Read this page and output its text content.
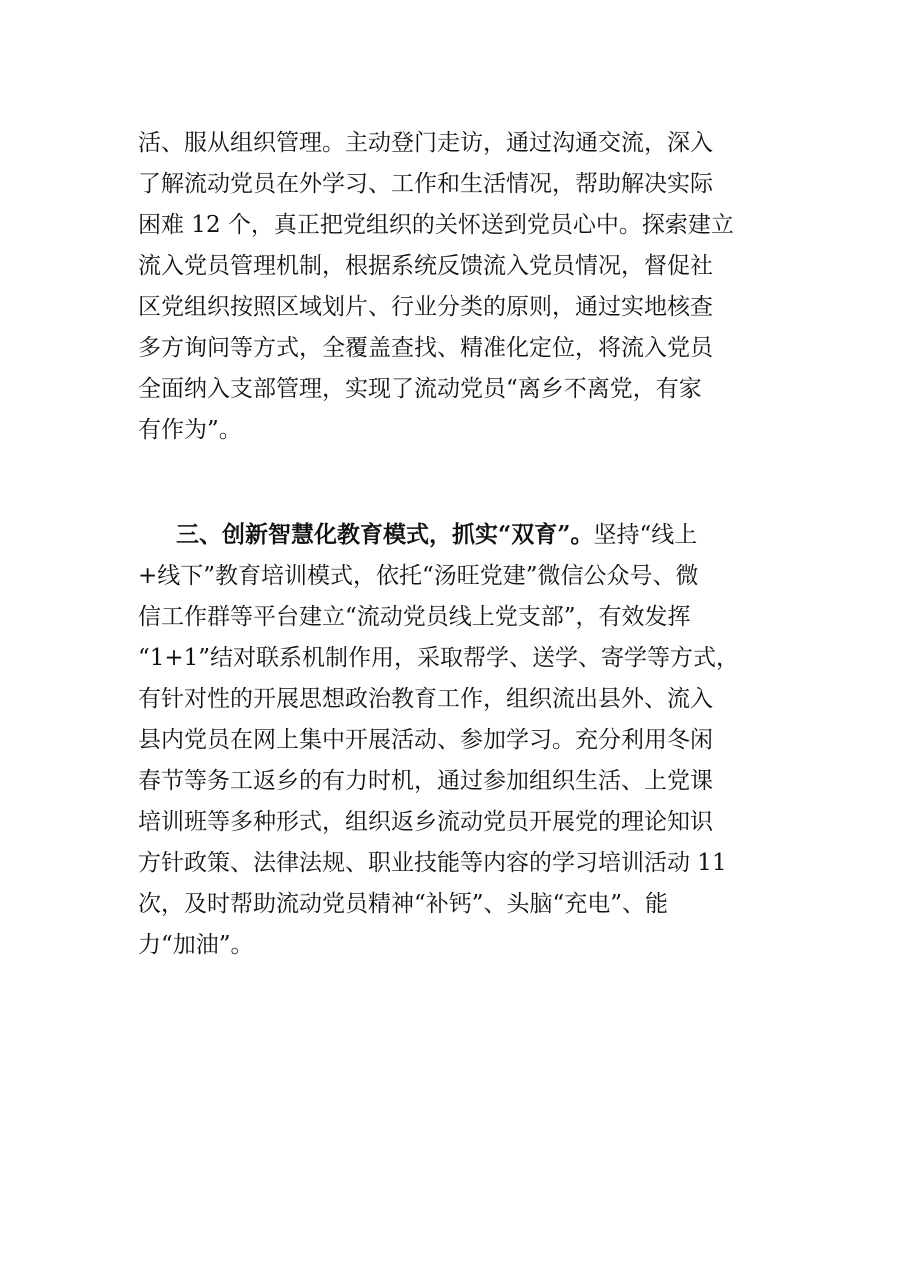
活、服从组织管理。主动登门走访，通过沟通交流，深入
了解流动党员在外学习、工作和生活情况，帮助解决实际
困难 12 个，真正把党组织的关怀送到党员心中。探索建立
流入党员管理机制，根据系统反馈流入党员情况，督促社
区党组织按照区域划片、行业分类的原则，通过实地核查
多方询问等方式，全覆盖查找、精准化定位，将流入党员
全面纳入支部管理，实现了流动党员“离乡不离党，有家
有作为”。
三、创新智慧化教育模式，抓实“双育”。坚持“线上
+线下”教育培训模式，依托“汤旺党建”微信公众号、微
信工作群等平台建立“流动党员线上党支部”，有效发挥
“1+1”结对联系机制作用，采取帮学、送学、寄学等方式，
有针对性的开展思想政治教育工作，组织流出县外、流入
县内党员在网上集中开展活动、参加学习。充分利用冬闲
春节等务工返乡的有力时机，通过参加组织生活、上党课
培训班等多种形式，组织返乡流动党员开展党的理论知识
方针政策、法律法规、职业技能等内容的学习培训活动 11
次，及时帮助流动党员精神“补钙”、头脑“充电”、能
力“加油”。
